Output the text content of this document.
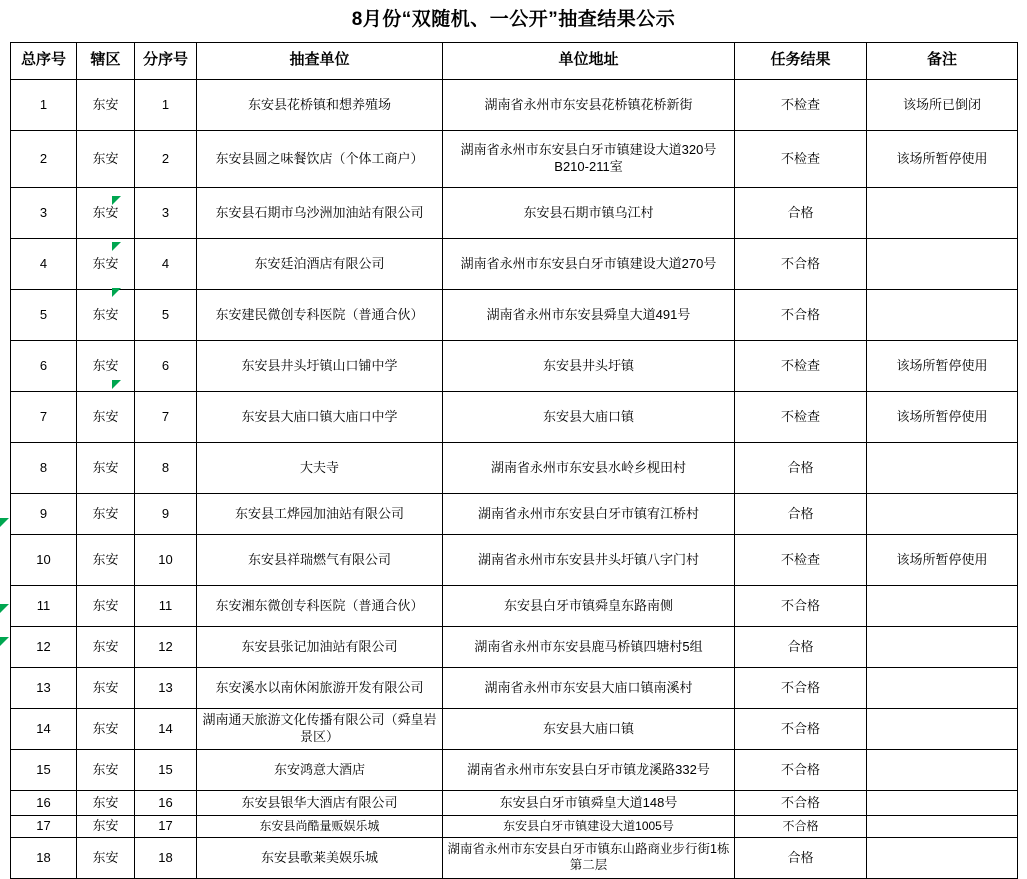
8月份“双随机、一公开”抽查结果公示
总序号	辖区	分序号	抽查单位	单位地址	任务结果	备注
1	东安	1	东安县花桥镇和想养殖场	湖南省永州市东安县花桥镇花桥新街	不检查	该场所已倒闭
2	东安	2	东安县圆之味餐饮店（个体工商户）	湖南省永州市东安县白牙市镇建设大道320号B210-211室	不检查	该场所暂停使用
3	东安	3	东安县石期市乌沙洲加油站有限公司	东安县石期市镇乌江村	合格	
4	东安	4	东安廷泊酒店有限公司	湖南省永州市东安县白牙市镇建设大道270号	不合格	
5	东安	5	东安建民微创专科医院（普通合伙）	湖南省永州市东安县舜皇大道491号	不合格	
6	东安	6	东安县井头圩镇山口铺中学	东安县井头圩镇	不检查	该场所暂停使用
7	东安	7	东安县大庙口镇大庙口中学	东安县大庙口镇	不检查	该场所暂停使用
8	东安	8	大夫寺	湖南省永州市东安县水岭乡枧田村	合格	
9	东安	9	东安县工烨园加油站有限公司	湖南省永州市东安县白牙市镇宥江桥村	合格	
10	东安	10	东安县祥瑞燃气有限公司	湖南省永州市东安县井头圩镇八字门村	不检查	该场所暂停使用
11	东安	11	东安湘东微创专科医院（普通合伙）	东安县白牙市镇舜皇东路南侧	不合格	
12	东安	12	东安县张记加油站有限公司	湖南省永州市东安县鹿马桥镇四塘村5组	合格	
13	东安	13	东安溪水以南休闲旅游开发有限公司	湖南省永州市东安县大庙口镇南溪村	不合格	
14	东安	14	湖南通天旅游文化传播有限公司（舜皇岩景区）	东安县大庙口镇	不合格	
15	东安	15	东安鸿意大酒店	湖南省永州市东安县白牙市镇龙溪路332号	不合格	
16	东安	16	东安县银华大酒店有限公司	东安县白牙市镇舜皇大道148号	不合格	
17	东安	17	东安县尚酷量贩娱乐城	东安县白牙市镇建设大道1005号	不合格	
18	东安	18	东安县歌莱美娱乐城	湖南省永州市东安县白牙市镇东山路商业步行街1栋第二层	合格	
